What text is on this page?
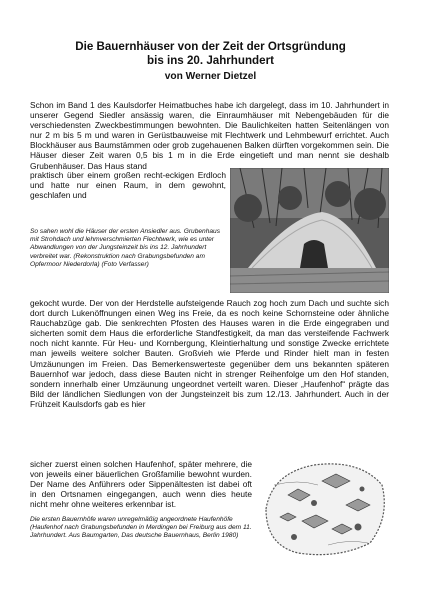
Die Bauernhäuser von der Zeit der Ortsgründung
bis ins 20. Jahrhundert
von Werner Dietzel

Schon im Band 1 des Kaulsdorfer Heimatbuches habe ich dargelegt, dass im 10. Jahrhundert in unserer Gegend Siedler ansässig waren, die Einraumhäuser mit Nebengebäuden für die verschiedensten Zweckbestimmungen bewohnten. Die Baulichkeiten hatten Seitenlängen von nur 2 m bis 5 m und waren in Gerüstbauweise mit Flechtwerk und Lehmbewurf errichtet. Auch Blockhäuser aus Baumstämmen oder grob zugehauenen Balken dürften vorgekommen sein. Die Häuser dieser Zeit waren 0,5 bis 1 m in die Erde eingetieft und man nennt sie deshalb Grubenhäuser. Das Haus stand

praktisch über einem großen recht-eckigen Erdloch und hatte nur einen Raum, in dem gewohnt, geschlafen und

So sahen wohl die Häuser der ersten Ansiedler aus. Grubenhaus mit Strohdach und lehmverschmierten Flechtwerk, wie es unter Abwandlungen von der Jungsteinzeit bis ins 12. Jahrhundert verbreitet war. (Rekonstruktion nach Grabungsbefunden am Opfermoor Niederdorla) (Foto Verfasser)

gekocht wurde. Der von der Herdstelle aufsteigende Rauch zog hoch zum Dach und suchte sich dort durch Lukenöffnungen einen Weg ins Freie, da es noch keine Schornsteine oder ähnliche Rauchabzüge gab. Die senkrechten Pfosten des Hauses waren in die Erde eingegraben und sicherten somit dem Haus die erforderliche Standfestigkeit, da man das versteifende Fachwerk noch nicht kannte. Für Heu- und Kornbergung, Kleintierhaltung und sonstige Zwecke errichtete man jeweils weitere solcher Bauten. Großvieh wie Pferde und Rinder hielt man in festen Umzäunungen im Freien. Das Bemerkenswerteste gegenüber dem uns bekannten späteren Bauernhof war jedoch, dass diese Bauten nicht in strenger Reihenfolge um den Hof standen, sondern innerhalb einer Umzäunung ungeordnet verteilt waren. Dieser „Haufenhof“ prägte das Bild der ländlichen Siedlungen von der Jungsteinzeit bis zum 12./13. Jahrhundert. Auch in der Frühzeit Kaulsdorfs gab es hier

sicher zuerst einen solchen Haufenhof, später mehrere, die von jeweils einer bäuerlichen Großfamilie bewohnt wurden. Der Name des Anführers oder Sippenältesten ist dabei oft in den Ortsnamen eingegangen, auch wenn dies heute nicht mehr ohne weiteres erkennbar ist.

Die ersten Bauernhöfe waren unregelmäßig angeordnete Haufenhöfe (Haufenhof nach Grabungsbefunden in Merdingen bei Freiburg aus dem 11. Jahrhundert. Aus Baumgarten, Das deutsche Bauernhaus, Berlin 1980)
